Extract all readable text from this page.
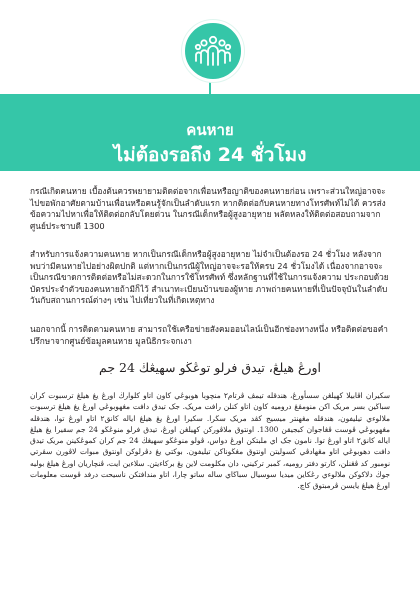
คนหาย
ไม่ต้องรอถึง 24 ชั่วโมง
กรณีเกิดคนหาย เบื้องต้นควรพยายามติดต่อจากเพื่อนหรือญาติของคนหายก่อน เพราะส่วนใหญ่อาจจะไปขอพักอาศัยตามบ้านเพื่อนหรือคนรู้จักเป็นลำดับแรก หากติดต่อกับคนหายทางโทรศัพท์ไม่ได้ ควรส่งข้อความไปหาเพื่อให้ติดต่อกลับโดยด่วน ในกรณีเด็กหรือผู้สูงอายุหาย พลัดหลงให้ติดต่อสอบถามจากศูนย์ประชาบดี 1300
สำหรับการแจ้งความคนหาย หากเป็นกรณีเด็กหรือผู้สูงอายุหาย ไม่จำเป็นต้องรอ 24 ชั่วโมง หลังจากพบว่ามีคนหายไปอย่างผิดปกติ แต่หากเป็นกรณีผู้ใหญ่อาจจะรอให้ครบ 24 ชั่วโมงได้ เนื่องจากอาจจะเป็นกรณีขาดการติดต่อหรือไม่สะดวกในการใช้โทรศัพท์ ซึ่งหลักฐานที่ใช้ในการแจ้งความ ประกอบด้วย บัตรประจำตัวของคนหายถ้ามีก็ไว้ สำเนาทะเบียนบ้านของผู้หาย ภาพถ่ายคนหายที่เป็นปัจจุบันในลำดับวันกับสถานการณ์ต่างๆ เช่น ไปเที่ยวในที่เกิดเหตุทาง
นอกจากนี้ การติดตามคนหาย สามารถใช้เครือข่ายสังคมออนไลน์เป็นอีกช่องทางหนึ่ง หรือติดต่อขอคำปรึกษาจากศูนย์ข้อมูลคนหาย มูลนิธิกระจกเงา
اورڠ هيلڠ، تيدق فرلو توڠڬو سهيڠڬ 24 جم
سکيران اڤابيلا کهيلڠن سسأورڠ، هندقله تيمڤ ڤرتام٢ منچوبا هوبوڠي کاون اتاو کلوارڬ اورڠ يڠ هيلڠ ترسبوت کران سباڬين بسر مريک اکن منومڤڠ دروميه کاون اتاو کنلن رافت مريک. جک تيدق دافت مڠهوبوڠي اورڠ يڠ هيلڠ ترسبوت ملالوءي تيليفون، هندقله مڠهنتر ميسيج کڤد مريک سڬرا. سکيرا اورڠ يڠ هيلڠ اياله کانق٢ اتاو اورڠ توا، هندقله مڠهوبوڠي ڤوست ڤڠاجوان کبجيقن 1300. اونتوق ملاڤورکن کهيلڠن اورڠ، تيدق فرلو منوڠڬو 24 جم سقيرا يڠ هيلڠ اياله کانق٢ اتاو اورڠ توا. نامون جک اي ملبتکن اورڠ دواس، ڤولو منوڠڬو سهيڠڬ 24 جم کران کموڠکينن مريک تيدق دافت دهوبوڠي اتاو مڠهادڤي کسوليتن اونتوق مڠڬوناکن تيليفون. بوکتي يڠ دڤرلوکن اونتوق مبوات لاڤورن سڤرتي نومبور کد ڤڠنلن، کارتو دفتر روميه، ڬمبر ترکيني، دان مکلومت لاين يڠ برکاءيتن. سلاءين ايت، ڤنچاريان اورڠ هيلڠ بوليه جوڬ دلاکوکن ملالوءي رڠکاين ميديا سوسيال سباڬاي ساله ساتو چارا، اتاو مندافتکن ناسيحت درفد ڤوست معلومات اورڠ هيلڠ يايسن ڤرمبتوق کاچ.
